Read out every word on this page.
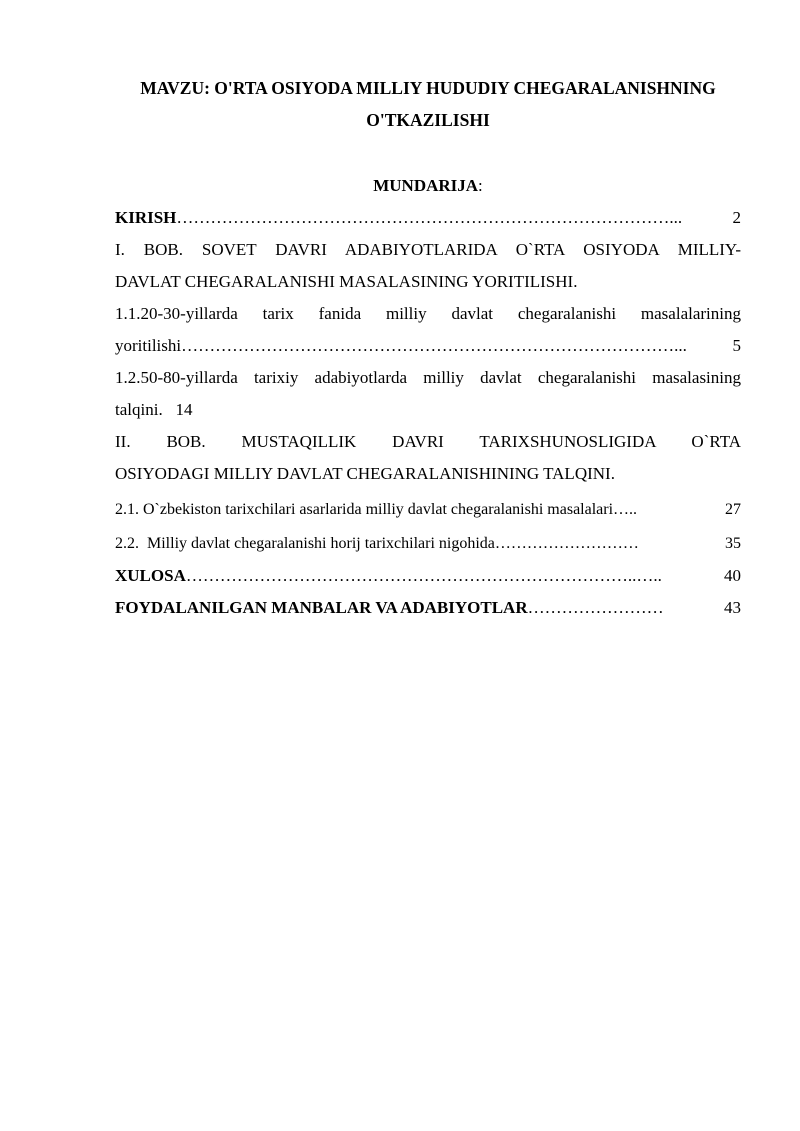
MAVZU: O'RTA OSIYODA MILLIY HUDUDIY CHEGARALANISHNING
O'TKAZILISHI
MUNDARIJA:
KIRISH ……………………………………………………………………………...	2
I. BOB. SOVET DAVRI ADABIYOTLARIDA O`RTA OSIYODA MILLIY-
DAVLAT CHEGARALANISHI MASALASINING YORITILISHI.
1.1.20-30-yillarda tarix fanida milliy davlat chegaralanishi masalalarining
yoritilishi ……………………………………………………………………………...	5
1.2.50-80-yillarda tarixiy adabiyotlarda milliy davlat chegaralanishi masalasining
talqini.   14
II. BOB. MUSTAQILLIK DAVRI TARIXSHUNOSLIGIDA O`RTA
OSIYODAGI MILLIY DAVLAT CHEGARALANISHINING TALQINI.
2.1. O`zbekiston tarixchilari asarlarida milliy davlat chegaralanishi masalalari …..	27
2.2.  Milliy davlat chegaralanishi horij tarixchilari nigohida ………………………	35
XULOSA ……………………………………………………………………..…..	40
FOYDALANILGAN MANBALAR VA ADABIYOTLAR ……………………	43
